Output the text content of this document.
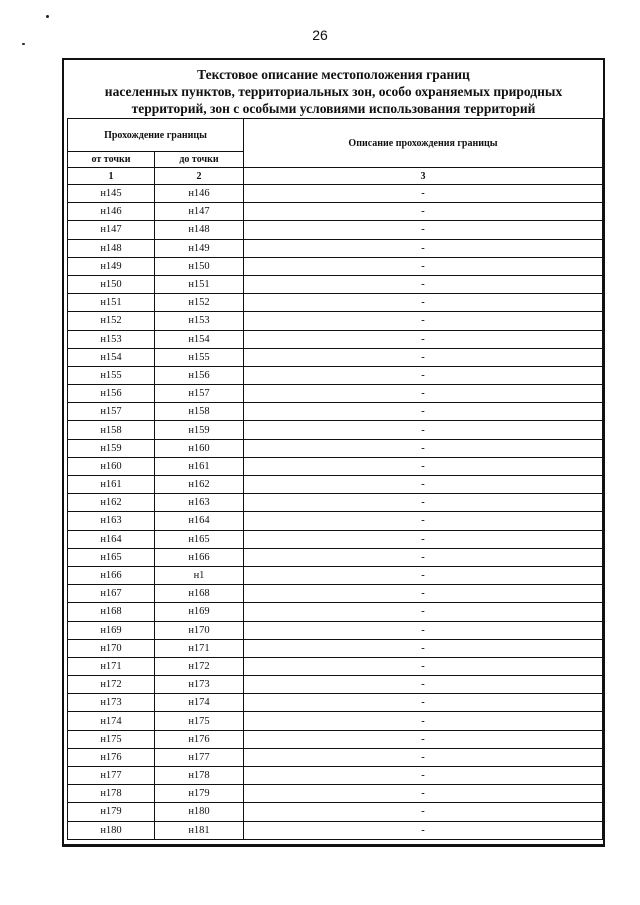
26
Текстовое описание местоположения границ
населенных пунктов, территориальных зон, особо охраняемых природных
территорий, зон с особыми условиями использования территорий
Прохождение границы		Описание прохождения границы
от точки	до точки	
1	2	3
н145	н146	-
н146	н147	-
н147	н148	-
н148	н149	-
н149	н150	-
н150	н151	-
н151	н152	-
н152	н153	-
н153	н154	-
н154	н155	-
н155	н156	-
н156	н157	-
н157	н158	-
н158	н159	-
н159	н160	-
н160	н161	-
н161	н162	-
н162	н163	-
н163	н164	-
н164	н165	-
н165	н166	-
н166	н1	-
н167	н168	-
н168	н169	-
н169	н170	-
н170	н171	-
н171	н172	-
н172	н173	-
н173	н174	-
н174	н175	-
н175	н176	-
н176	н177	-
н177	н178	-
н178	н179	-
н179	н180	-
н180	н181	-
